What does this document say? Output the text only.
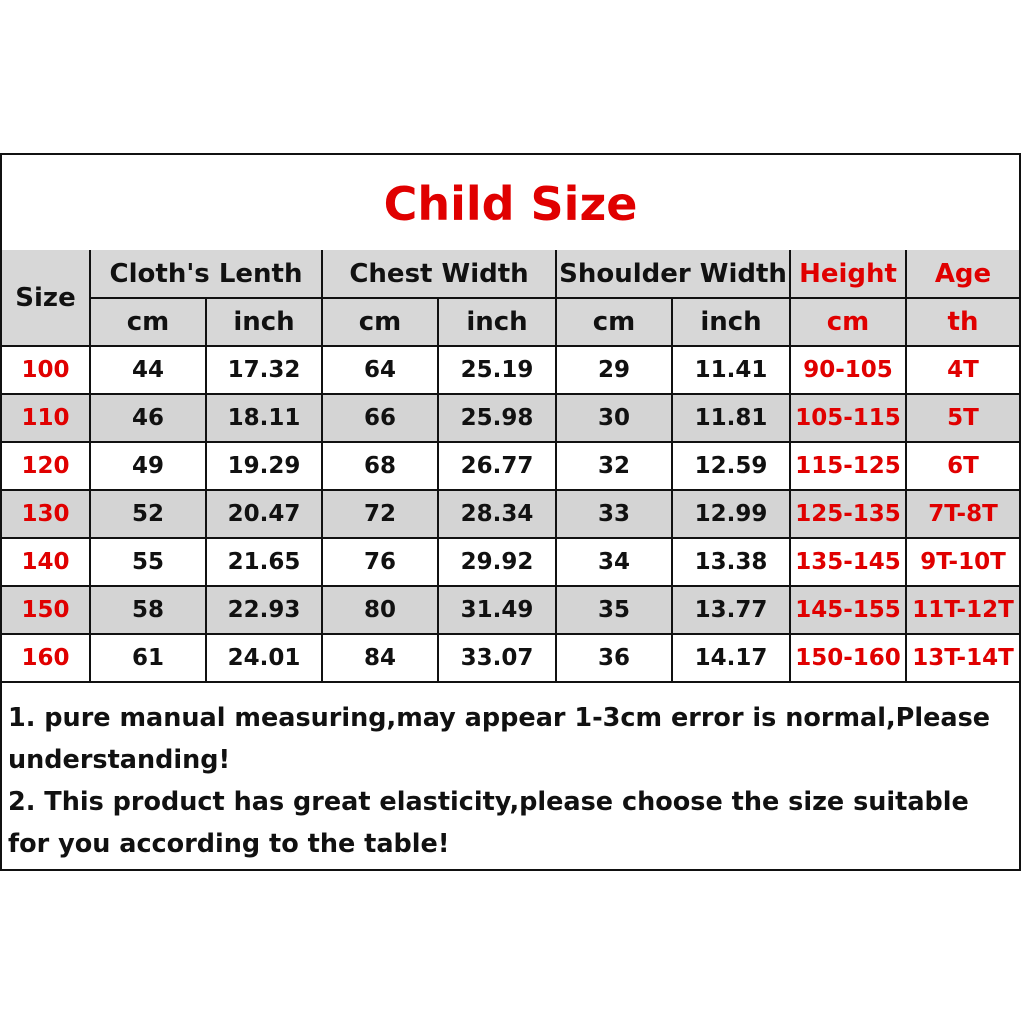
Child Size
Size	Cloth's Lenth		Chest Width		Shoulder Width		Height	Age
	cm	inch	cm	inch	cm	inch	cm	th
100	44	17.32	64	25.19	29	11.41	90-105	4T
110	46	18.11	66	25.98	30	11.81	105-115	5T
120	49	19.29	68	26.77	32	12.59	115-125	6T
130	52	20.47	72	28.34	33	12.99	125-135	7T-8T
140	55	21.65	76	29.92	34	13.38	135-145	9T-10T
150	58	22.93	80	31.49	35	13.77	145-155	11T-12T
160	61	24.01	84	33.07	36	14.17	150-160	13T-14T

1. pure manual measuring,may appear 1-3cm error is normal,Please understanding!

2. This product has great elasticity,please choose the size suitable for you according to the table!
